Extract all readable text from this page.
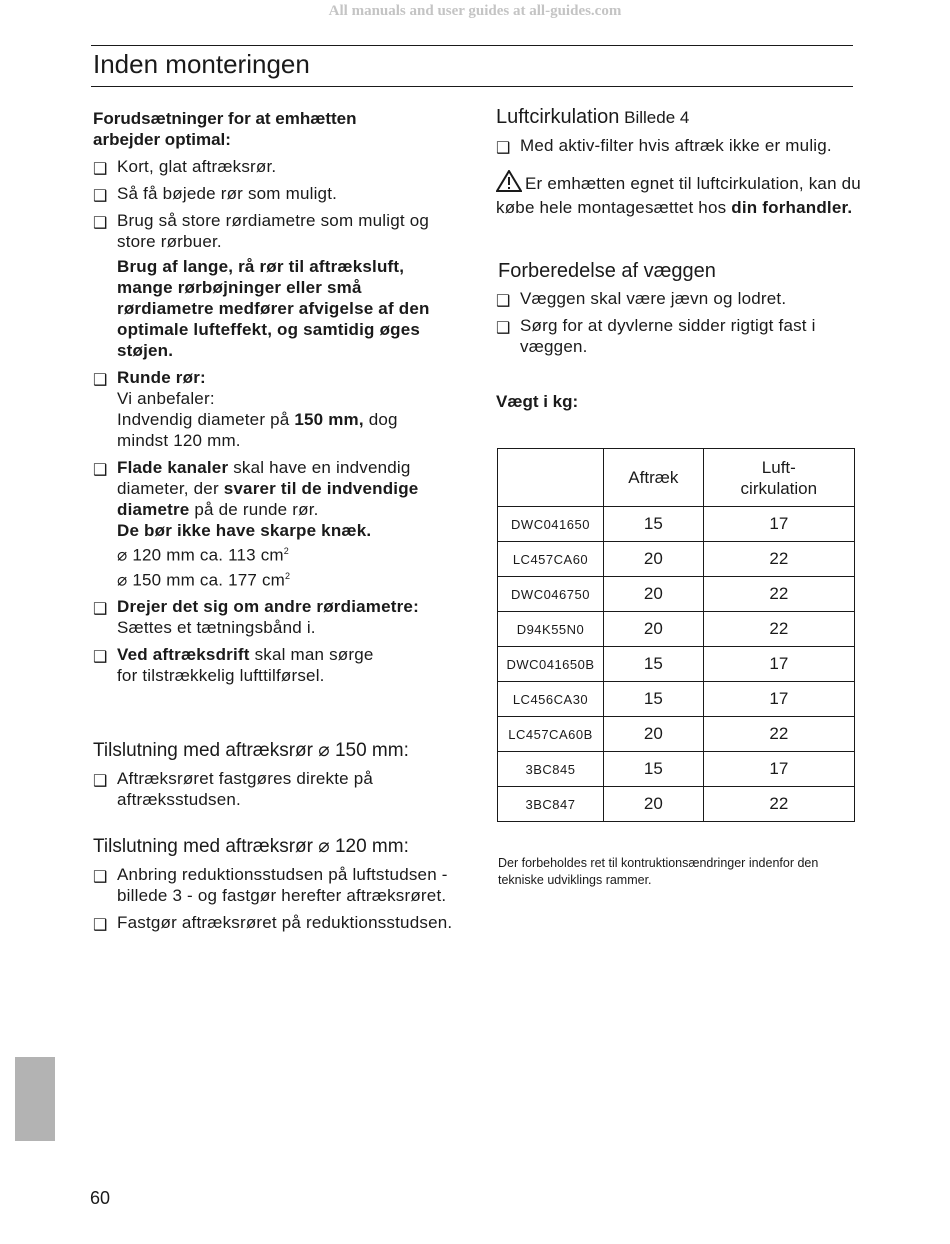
All manuals and user guides at all-guides.com
Inden monteringen

Forudsætninger for at emhætten arbejder optimal:

❑ Kort, glat aftræksrør.
❑ Så få bøjede rør som muligt.
❑ Brug så store rørdiametre som muligt og store rørbuer.
Brug af lange, rå rør til aftræksluft, mange rørbøjninger eller små rørdiametre medfører afvigelse af den optimale lufteffekt, og samtidig øges støjen.
❑ Runde rør:
Vi anbefaler:
Indvendig diameter på 150 mm, dog
mindst 120 mm.
❑ Flade kanaler skal have en indvendig diameter, der svarer til de indvendige diametre på de runde rør.
De bør ikke have skarpe knæk.
⌀ 120 mm ca. 113 $cm^2$
⌀ 150 mm ca. 177 $cm^2$
❑ Drejer det sig om andre rørdiametre:
Sættes et tætningsbånd i.
❑ Ved aftræksdrift skal man sørge
for tilstrækkelig lufttilførsel.
Tilslutning med aftræksrør ⌀ 150 mm:
❑ Aftræksrøret fastgøres direkte på aftræksstudsen.
Tilslutning med aftræksrør ⌀ 120 mm:
❑ Anbring reduktionsstudsen på luftstudsen - billede 3 - og fastgør herefter aftræksrøret.
❑ Fastgør aftræksrøret på reduktionsstudsen.
Luftcirkulation Billede 4
❑ Med aktiv-filter hvis aftræk ikke er mulig.
Er emhætten egnet til luftcirkulation, kan du købe hele montagesættet hos din forhandler.
Forberedelse af væggen
❑ Væggen skal være jævn og lodret.
❑ Sørg for at dyvlerne sidder rigtigt fast i væggen.

Vægt i kg:

	Aftræk	Luft-
cirkulation
DWC041650	15	17
LC457CA60	20	22
DWC046750	20	22
D94K55N0	20	22
DWC041650B	15	17
LC456CA30	15	17
LC457CA60B	20	22
3BC845	15	17
3BC847	20	22

Der forbeholdes ret til kontruktionsændringer indenfor den tekniske udviklings rammer.

60
